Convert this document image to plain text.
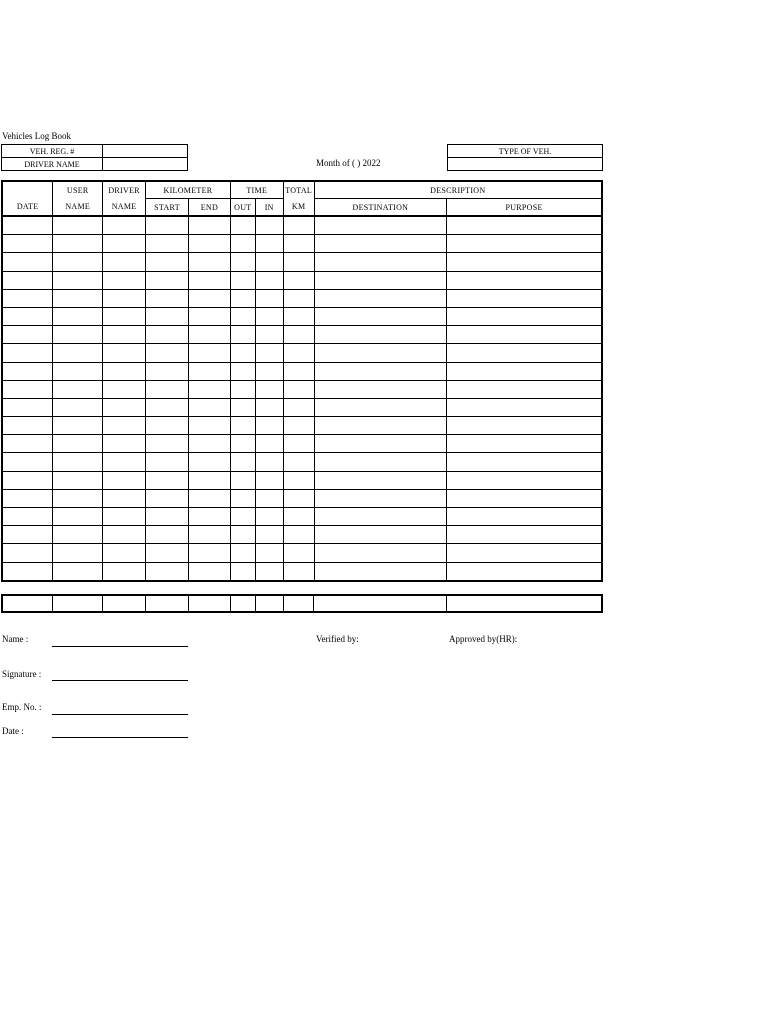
Vehicles Log Book
VEH. REG. #	
DRIVER NAME		Month of ( ) 2022
TYPE OF VEH.

	USER	DRIVER	KILOMETER		TIME		TOTAL	DESCRIPTION	
DATE	NAME	NAME	START	END	OUT	IN	KM	DESTINATION	PURPOSE

Name :	Verified by:	Approved by(HR):
Signature :
Emp. No. :
Date :
